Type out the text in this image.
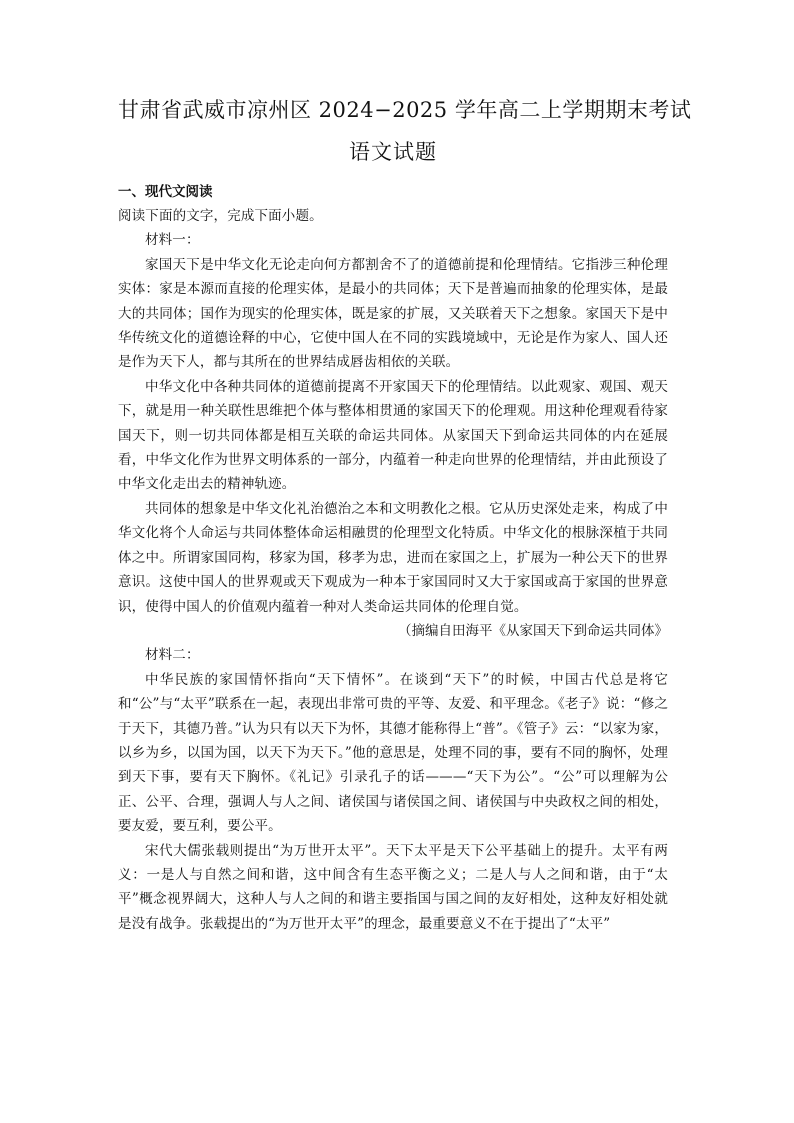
甘肃省武威市凉州区 2024−2025 学年高二上学期期末考试
语文试题
一、现代文阅读

阅读下面的文字，完成下面小题。

材料一：

家国天下是中华文化无论走向何方都割舍不了的道德前提和伦理情结。它指涉三种伦理实体：家是本源而直接的伦理实体，是最小的共同体；天下是普遍而抽象的伦理实体，是最大的共同体；国作为现实的伦理实体，既是家的扩展，又关联着天下之想象。家国天下是中华传统文化的道德诠释的中心，它使中国人在不同的实践境域中，无论是作为家人、国人还是作为天下人，都与其所在的世界结成唇齿相依的关联。

中华文化中各种共同体的道德前提离不开家国天下的伦理情结。以此观家、观国、观天下，就是用一种关联性思维把个体与整体相贯通的家国天下的伦理观。用这种伦理观看待家国天下，则一切共同体都是相互关联的命运共同体。从家国天下到命运共同体的内在延展看，中华文化作为世界文明体系的一部分，内蕴着一种走向世界的伦理情结，并由此预设了中华文化走出去的精神轨迹。

共同体的想象是中华文化礼治德治之本和文明教化之根。它从历史深处走来，构成了中华文化将个人命运与共同体整体命运相融贯的伦理型文化特质。中华文化的根脉深植于共同体之中。所谓家国同构，移家为国，移孝为忠，进而在家国之上，扩展为一种公天下的世界意识。这使中国人的世界观或天下观成为一种本于家国同时又大于家国或高于家国的世界意识，使得中国人的价值观内蕴着一种对人类命运共同体的伦理自觉。

（摘编自田海平《从家国天下到命运共同体》

材料二：

中华民族的家国情怀指向“天下情怀”。在谈到“天下”的时候，中国古代总是将它和“公”与“太平”联系在一起，表现出非常可贵的平等、友爱、和平理念。《老子》说：“修之于天下，其德乃普。”认为只有以天下为怀，其德才能称得上“普”。《管子》云：“以家为家，以乡为乡，以国为国，以天下为天下。”他的意思是，处理不同的事，要有不同的胸怀，处理到天下事，要有天下胸怀。《礼记》引录孔子的话———“天下为公”。“公”可以理解为公正、公平、合理，强调人与人之间、诸侯国与诸侯国之间、诸侯国与中央政权之间的相处，要友爱，要互利，要公平。

宋代大儒张载则提出“为万世开太平”。天下太平是天下公平基础上的提升。太平有两义：一是人与自然之间和谐，这中间含有生态平衡之义；二是人与人之间和谐，由于“太平”概念视界阔大，这种人与人之间的和谐主要指国与国之间的友好相处，这种友好相处就是没有战争。张载提出的“为万世开太平”的理念，最重要意义不在于提出了“太平”
